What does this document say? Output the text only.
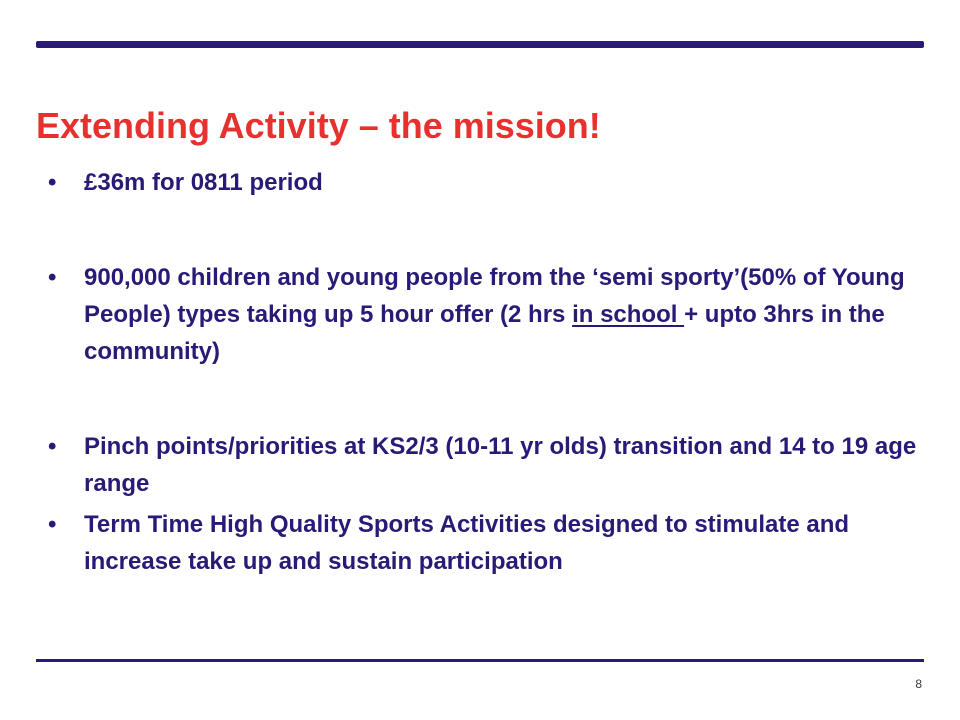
Extending Activity – the mission!
• £36m for 0811 period
• 900,000 children and young people from the ‘semi sporty’(50% of Young People) types taking up 5 hour offer (2 hrs in school + upto 3hrs in the community)
• Pinch points/priorities at KS2/3 (10-11 yr olds) transition and 14 to 19 age range
• Term Time High Quality Sports Activities designed to stimulate and increase take up and sustain participation
8
